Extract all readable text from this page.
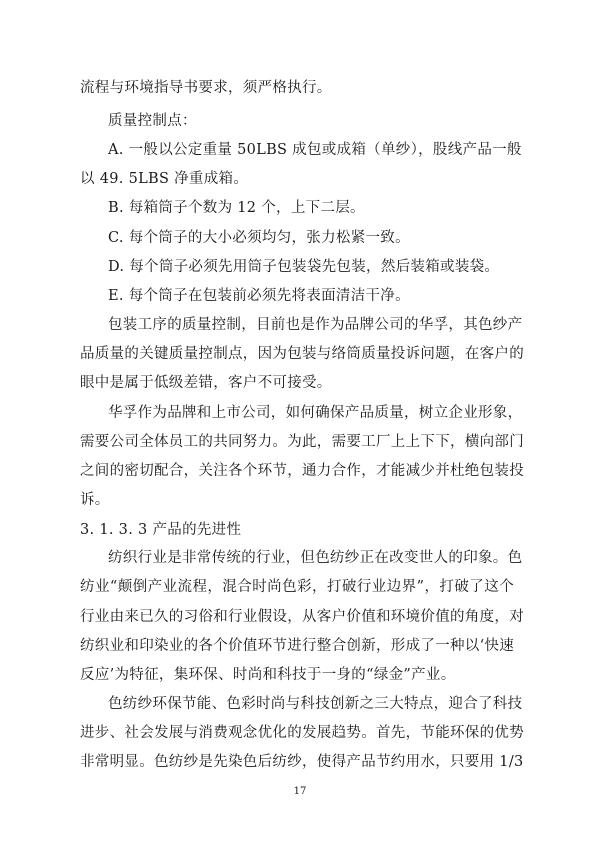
流程与环境指导书要求，须严格执行。
质量控制点：
A. 一般以公定重量 50LBS 成包或成箱（单纱），股线产品一般
以 49. 5LBS 净重成箱。
B. 每箱筒子个数为 12 个，上下二层。
C. 每个筒子的大小必须均匀，张力松紧一致。
D. 每个筒子必须先用筒子包装袋先包装，然后装箱或装袋。
E. 每个筒子在包装前必须先将表面清洁干净。
包装工序的质量控制，目前也是作为品牌公司的华孚，其色纱产
品质量的关键质量控制点，因为包装与络筒质量投诉问题，在客户的
眼中是属于低级差错，客户不可接受。
华孚作为品牌和上市公司，如何确保产品质量，树立企业形象，
需要公司全体员工的共同努力。为此，需要工厂上上下下，横向部门
之间的密切配合，关注各个环节，通力合作，才能减少并杜绝包装投
诉。
3. 1. 3. 3 产品的先进性
纺织行业是非常传统的行业，但色纺纱正在改变世人的印象。色
纺业“颠倒产业流程，混合时尚色彩，打破行业边界”，打破了这个
行业由来已久的习俗和行业假设，从客户价值和环境价值的角度，对
纺织业和印染业的各个价值环节进行整合创新，形成了一种以‘快速
反应’为特征，集环保、时尚和科技于一身的“绿金”产业。
色纺纱环保节能、色彩时尚与科技创新之三大特点，迎合了科技
进步、社会发展与消费观念优化的发展趋势。首先，节能环保的优势
非常明显。色纺纱是先染色后纺纱，使得产品节约用水，只要用 1/3
17
